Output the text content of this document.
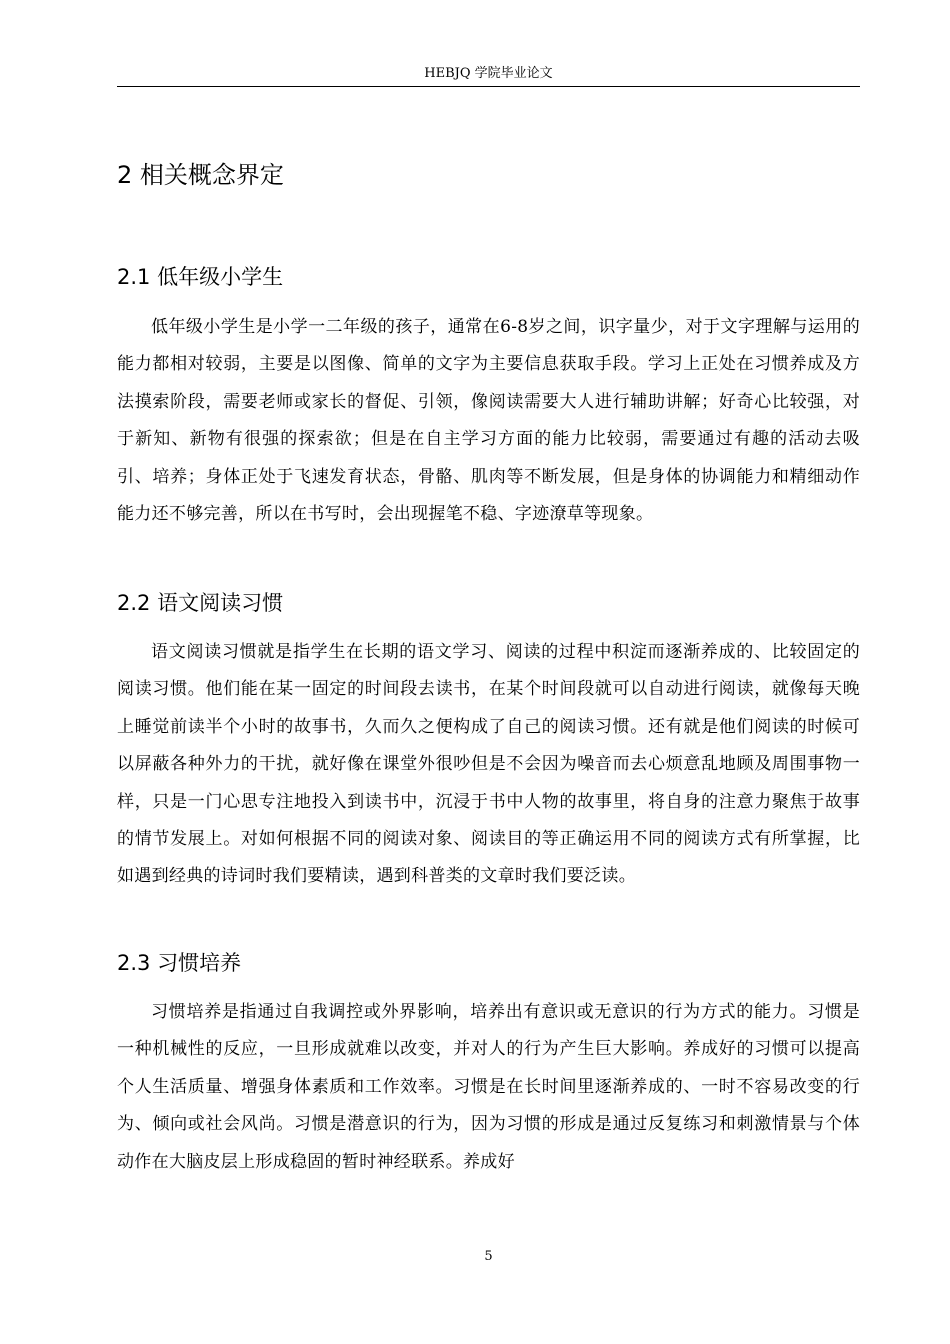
HEBJQ 学院毕业论文
2 相关概念界定
2.1 低年级小学生

低年级小学生是小学一二年级的孩子，通常在6-8岁之间，识字量少，对于文字理解与运用的能力都相对较弱，主要是以图像、简单的文字为主要信息获取手段。学习上正处在习惯养成及方法摸索阶段，需要老师或家长的督促、引领，像阅读需要大人进行辅助讲解；好奇心比较强，对于新知、新物有很强的探索欲；但是在自主学习方面的能力比较弱，需要通过有趣的活动去吸引、培养；身体正处于飞速发育状态，骨骼、肌肉等不断发展，但是身体的协调能力和精细动作能力还不够完善，所以在书写时，会出现握笔不稳、字迹潦草等现象。

2.2 语文阅读习惯

语文阅读习惯就是指学生在长期的语文学习、阅读的过程中积淀而逐渐养成的、比较固定的阅读习惯。他们能在某一固定的时间段去读书，在某个时间段就可以自动进行阅读，就像每天晚上睡觉前读半个小时的故事书，久而久之便构成了自己的阅读习惯。还有就是他们阅读的时候可以屏蔽各种外力的干扰，就好像在课堂外很吵但是不会因为噪音而去心烦意乱地顾及周围事物一样，只是一门心思专注地投入到读书中，沉浸于书中人物的故事里，将自身的注意力聚焦于故事的情节发展上。对如何根据不同的阅读对象、阅读目的等正确运用不同的阅读方式有所掌握，比如遇到经典的诗词时我们要精读，遇到科普类的文章时我们要泛读。

2.3 习惯培养

习惯培养是指通过自我调控或外界影响，培养出有意识或无意识的行为方式的能力。习惯是一种机械性的反应，一旦形成就难以改变，并对人的行为产生巨大影响。养成好的习惯可以提高个人生活质量、增强身体素质和工作效率。习惯是在长时间里逐渐养成的、一时不容易改变的行为、倾向或社会风尚。习惯是潜意识的行为，因为习惯的形成是通过反复练习和刺激情景与个体动作在大脑皮层上形成稳固的暂时神经联系。养成好

5
